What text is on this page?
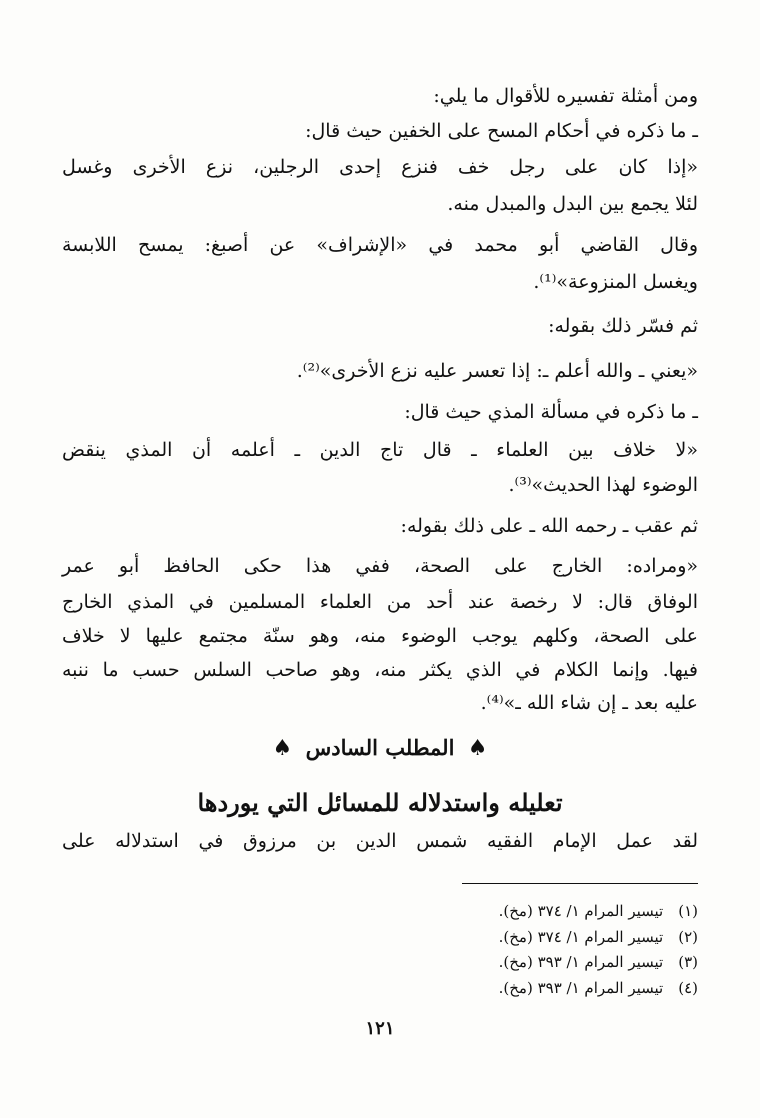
ومن أمثلة تفسيره للأقوال ما يلي:
ـ ما ذكره في أحكام المسح على الخفين حيث قال:
«إذا كان على رجل خف فنزع إحدى الرجلين، نزع الأخرى وغسل
لئلا يجمع بين البدل والمبدل منه.
وقال القاضي أبو محمد في «الإشراف» عن أصبغ: يمسح اللابسة
ويغسل المنزوعة»⁽¹⁾.
ثم فسّر ذلك بقوله:
«يعني ـ والله أعلم ـ: إذا تعسر عليه نزع الأخرى»⁽²⁾.
ـ ما ذكره في مسألة المذي حيث قال:
«لا خلاف بين العلماء ـ قال تاج الدين ـ أعلمه أن المذي ينقض
الوضوء لهذا الحديث»⁽³⁾.
ثم عقب ـ رحمه الله ـ على ذلك بقوله:
«ومراده: الخارج على الصحة، ففي هذا حكى الحافظ أبو عمر
الوفاق قال: لا رخصة عند أحد من العلماء المسلمين في المذي الخارج
على الصحة، وكلهم يوجب الوضوء منه، وهو سنّة مجتمع عليها لا خلاف
فيها. وإنما الكلام في الذي يكثر منه، وهو صاحب السلس حسب ما ننبه
عليه بعد ـ إن شاء الله ـ»⁽⁴⁾.
♠ المطلب السادس ♠
تعليله واستدلاله للمسائل التي يوردها
لقد عمل الإمام الفقيه شمس الدين بن مرزوق في استدلاله على
(١) تيسير المرام ١/ ٣٧٤ (مخ).
(٢) تيسير المرام ١/ ٣٧٤ (مخ).
(٣) تيسير المرام ١/ ٣٩٣ (مخ).
(٤) تيسير المرام ١/ ٣٩٣ (مخ).
١٢١
